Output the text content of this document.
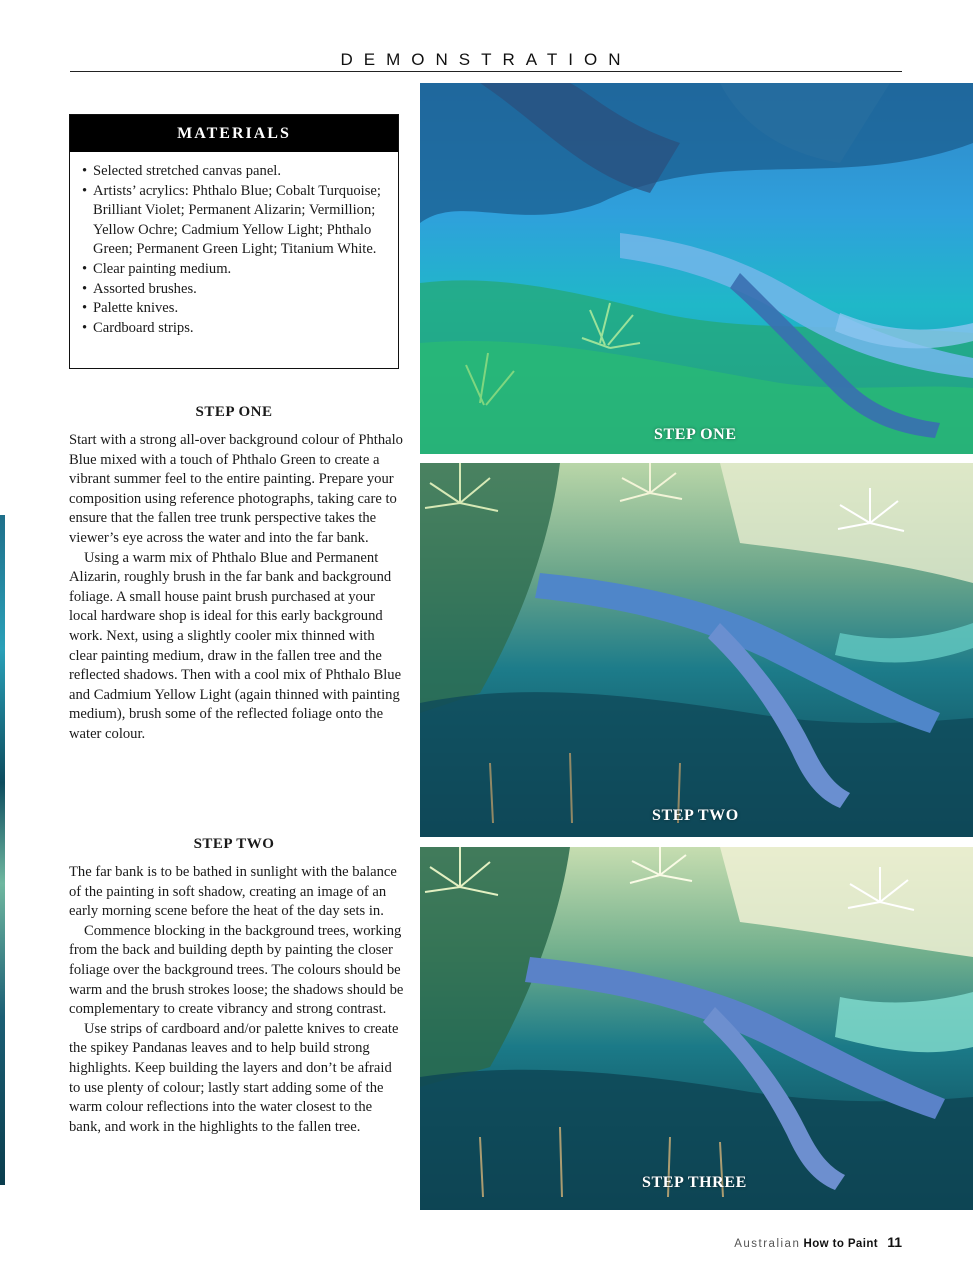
DEMONSTRATION
MATERIALS
• Selected stretched canvas panel.
• Artists’ acrylics: Phthalo Blue; Cobalt Turquoise; Brilliant Violet; Permanent Alizarin; Vermillion; Yellow Ochre; Cadmium Yellow Light; Phthalo Green; Permanent Green Light; Titanium White.
• Clear painting medium.
• Assorted brushes.
• Palette knives.
• Cardboard strips.
STEP ONE

Start with a strong all-over background colour of Phthalo Blue mixed with a touch of Phthalo Green to create a vibrant summer feel to the entire painting. Prepare your composition using reference photographs, taking care to ensure that the fallen tree trunk perspective takes the viewer’s eye across the water and into the far bank.

Using a warm mix of Phthalo Blue and Permanent Alizarin, roughly brush in the far bank and background foliage. A small house paint brush purchased at your local hardware shop is ideal for this early background work. Next, using a slightly cooler mix thinned with clear painting medium, draw in the fallen tree and the reflected shadows. Then with a cool mix of Phthalo Blue and Cadmium Yellow Light (again thinned with painting medium), brush some of the reflected foliage onto the water colour.

STEP TWO

The far bank is to be bathed in sunlight with the balance of the painting in soft shadow, creating an image of an early morning scene before the heat of the day sets in.

Commence blocking in the background trees, working from the back and building depth by painting the closer foliage over the background trees. The colours should be warm and the brush strokes loose; the shadows should be complementary to create vibrancy and strong contrast.

Use strips of cardboard and/or palette knives to create the spikey Pandanas leaves and to help build strong highlights. Keep building the layers and don’t be afraid to use plenty of colour; lastly start adding some of the warm colour reflections into the water closest to the bank, and work in the highlights to the fallen tree.

STEP ONE
STEP TWO
STEP THREE
Australian How to Paint 11
